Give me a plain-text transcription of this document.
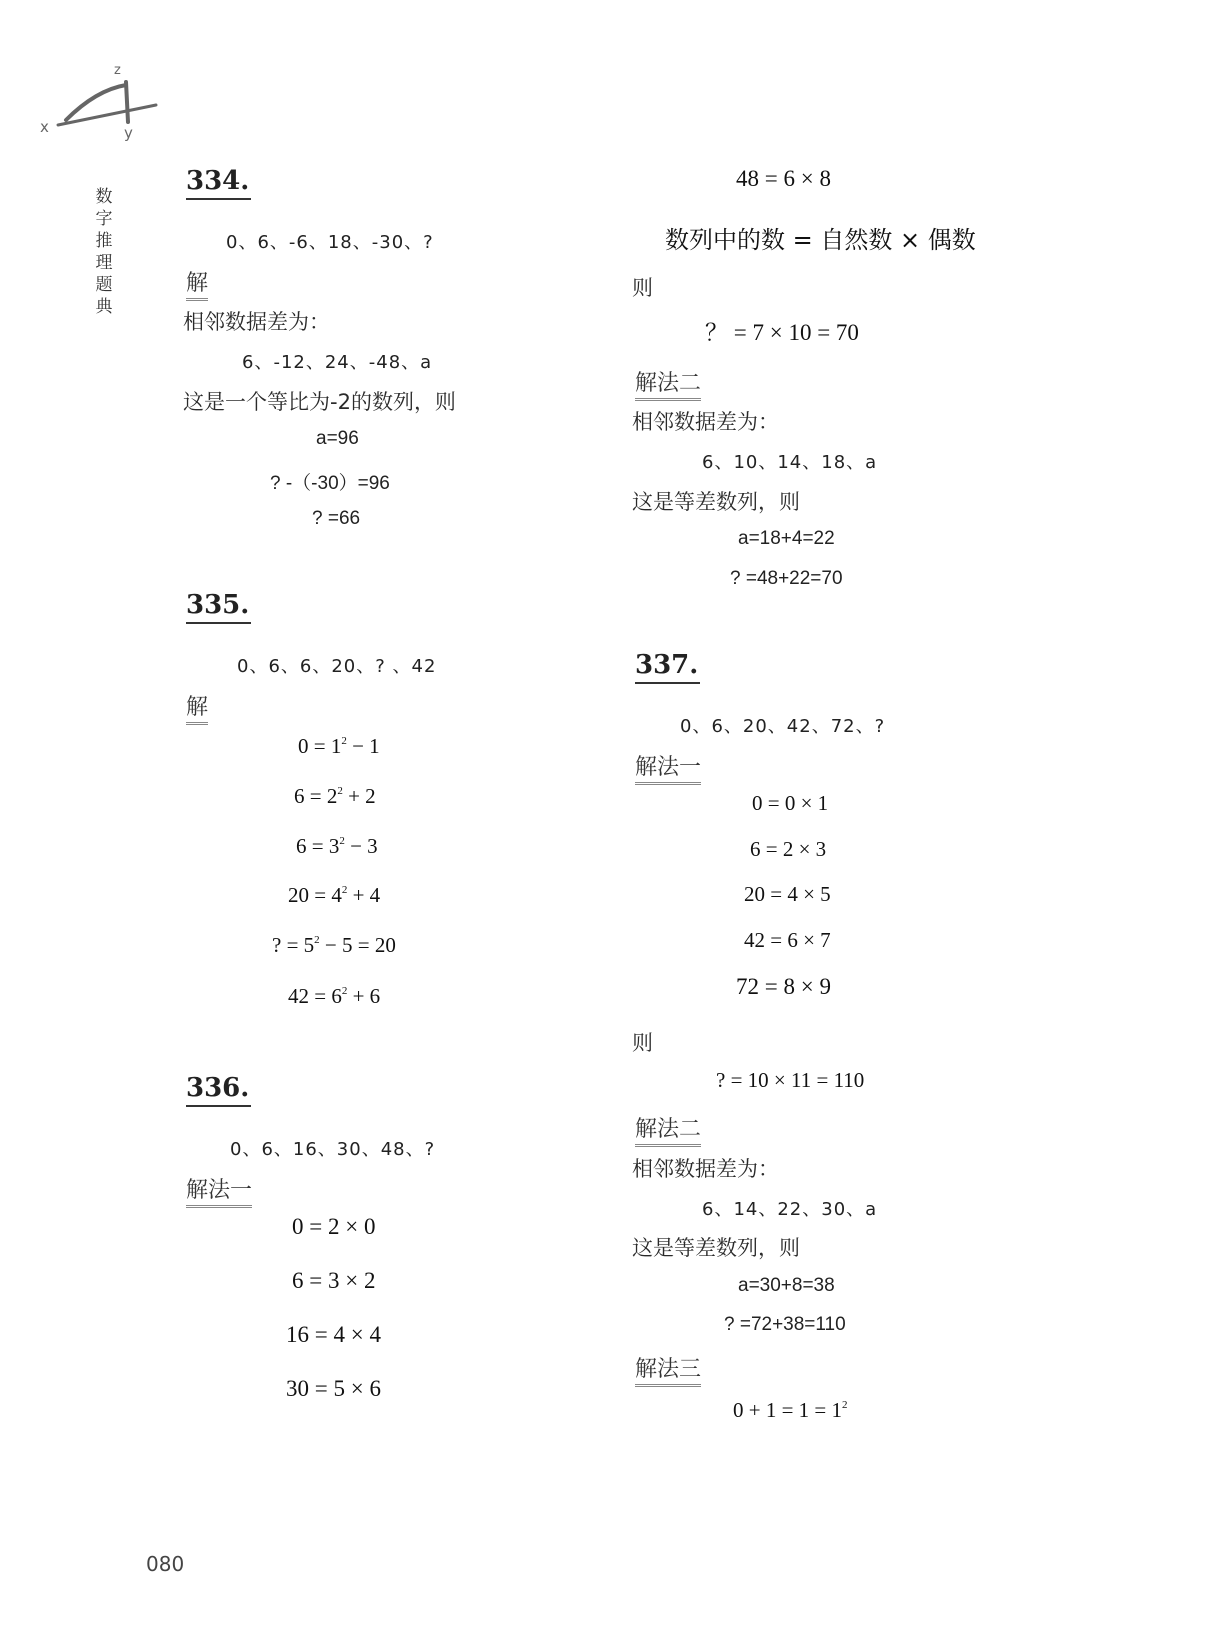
z
x	y
数
字
推
理
题
典
334.
0、6、-6、18、-30、?
解
相邻数据差为：
6、-12、24、-48、a
这是一个等比为-2的数列，则
a=96
? -（-30）=96
? =66
335.
0、6、6、20、? 、42
解
$0 = 1^2 - 1$
$6 = 2^2 + 2$
$6 = 3^2 - 3$
$20 = 4^2 + 4$
? = $5^2 - 5 = 20$
$42 = 6^2 + 6$
336.
0、6、16、30、48、?
解法一
0 = 2 × 0
6 = 3 × 2
16 = 4 × 4
30 = 5 × 6
48 = 6 × 8
数列中的数 = 自然数 × 偶数
则
？ = 7 × 10 = 70
解法二
相邻数据差为：
6、10、14、18、a
这是等差数列，则
a=18+4=22
? =48+22=70
337.
0、6、20、42、72、?
解法一
0 = 0 × 1
6 = 2 × 3
20 = 4 × 5
42 = 6 × 7
72 = 8 × 9
则
? = 10 × 11 = 110
解法二
相邻数据差为：
6、14、22、30、a
这是等差数列，则
a=30+8=38
? =72+38=110
解法三
$0 + 1 = 1 = 1^2$
080
